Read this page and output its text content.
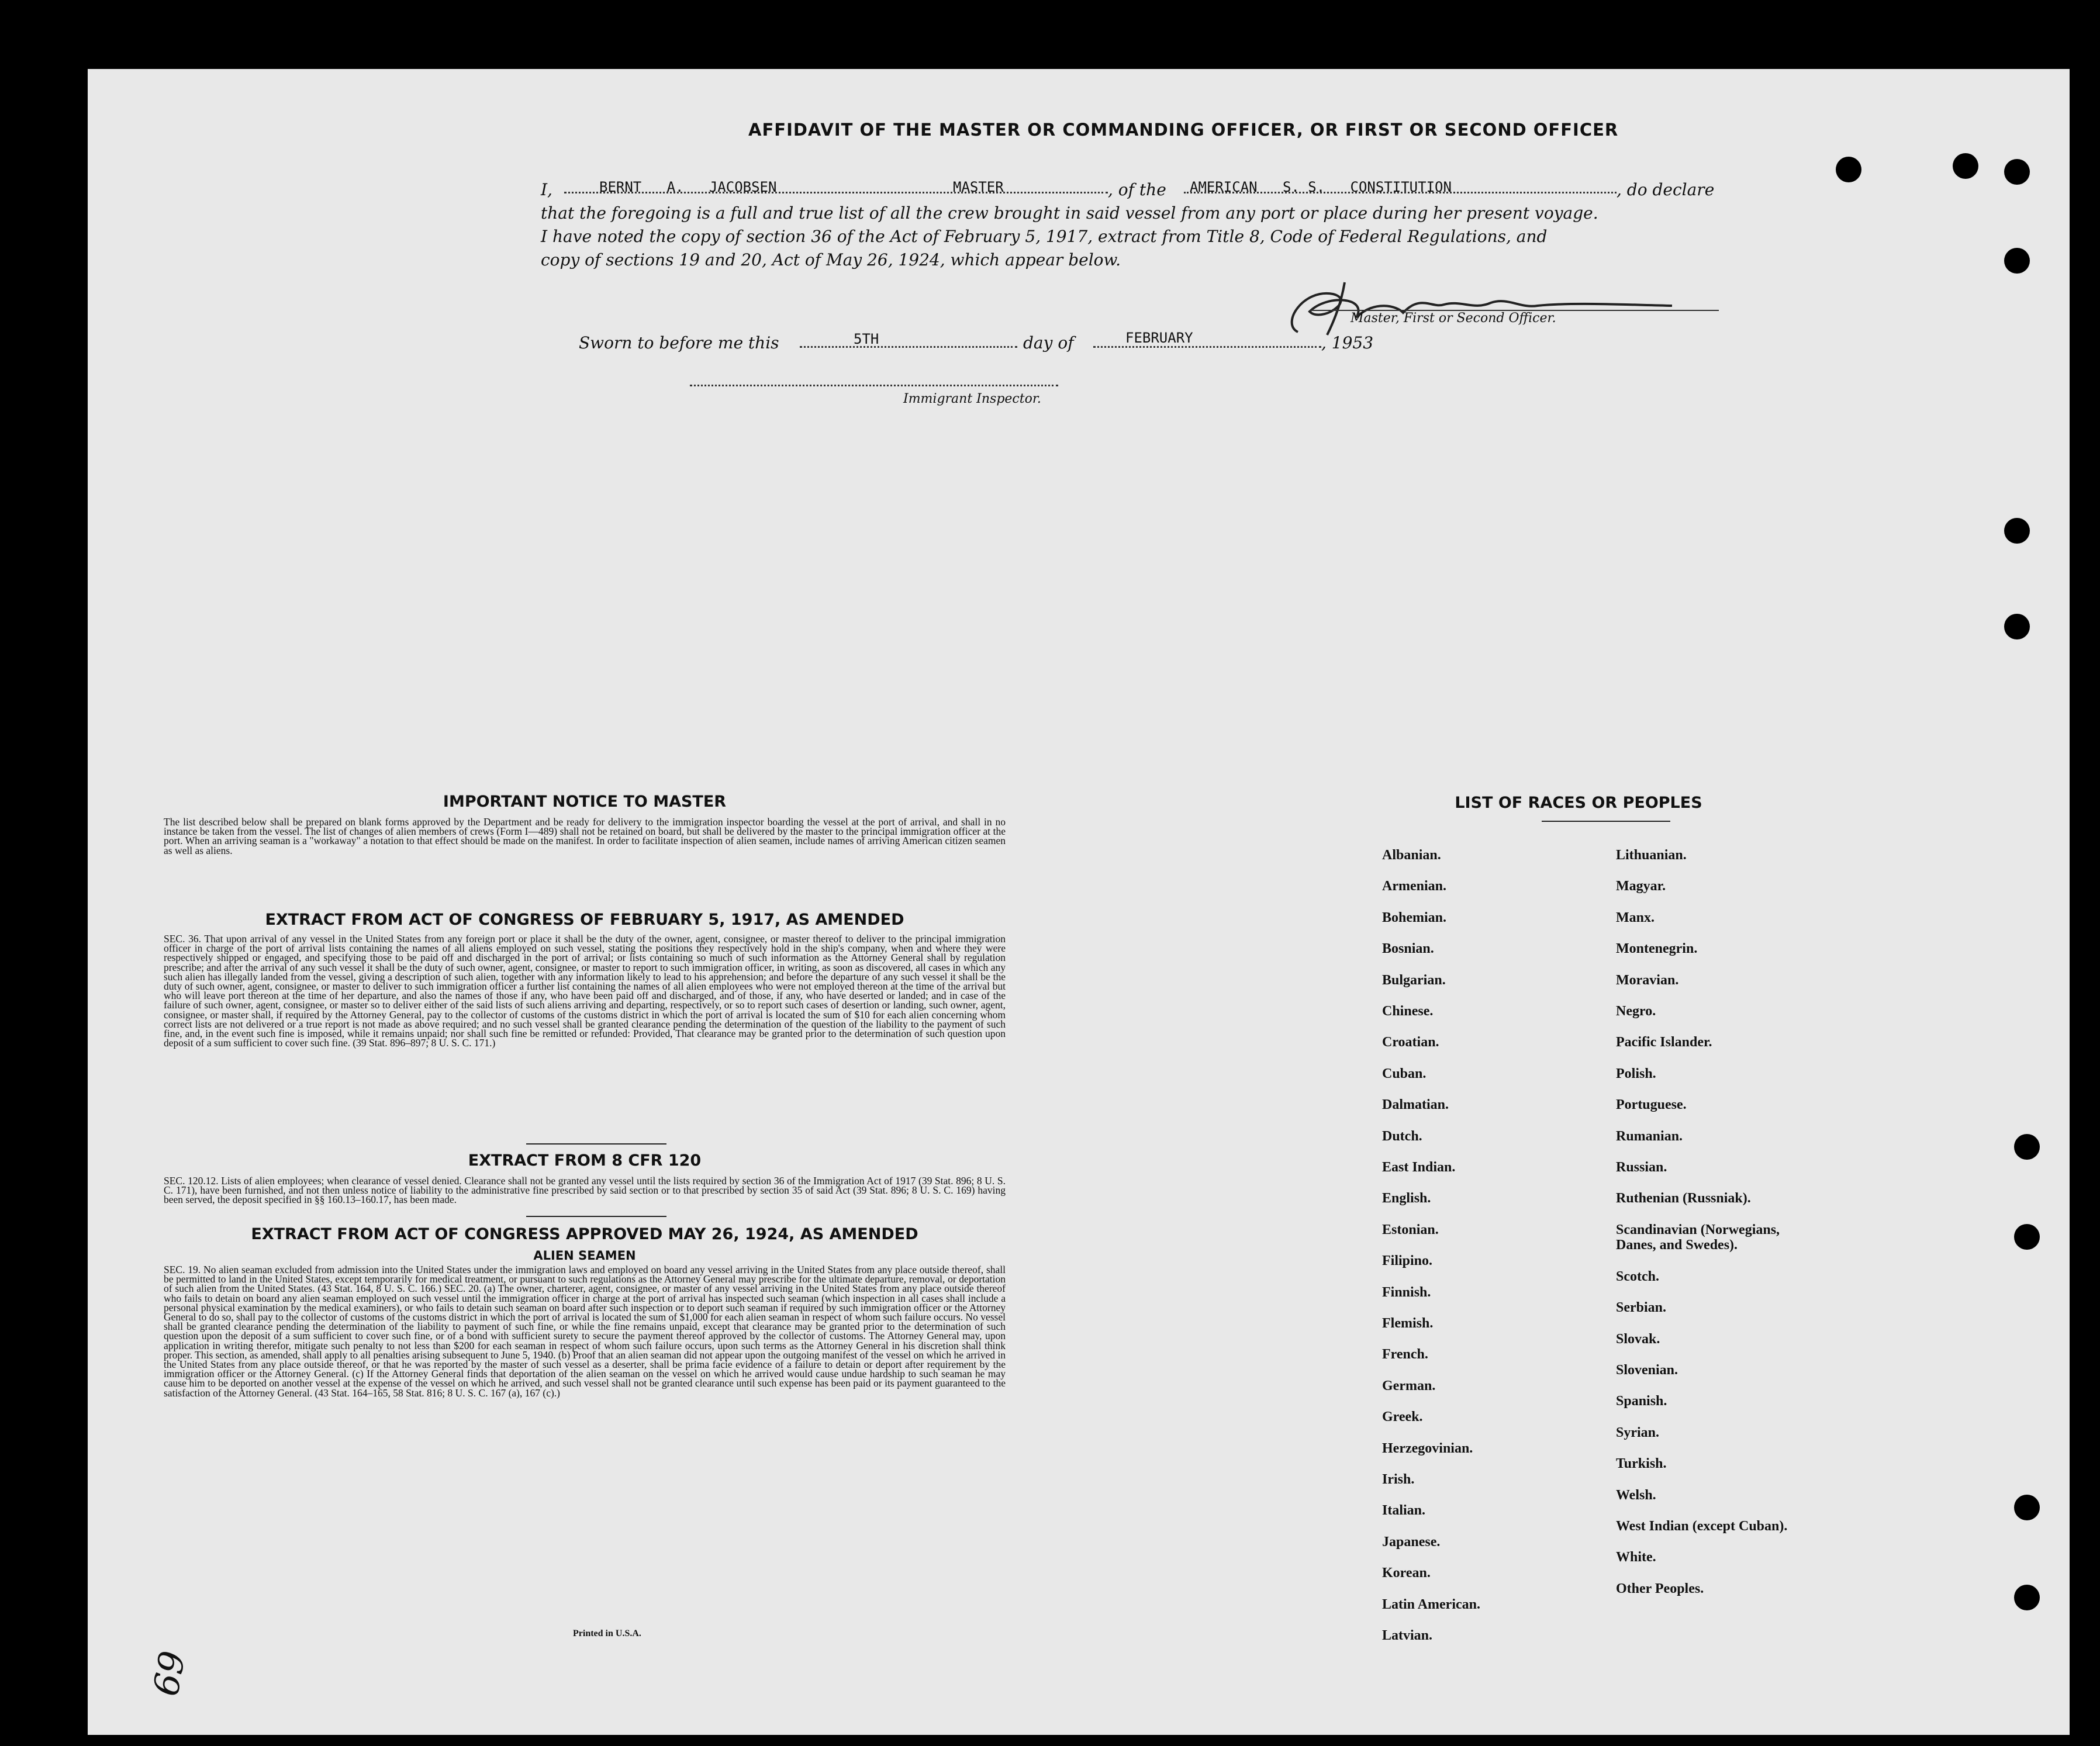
AFFIDAVIT OF THE MASTER OR COMMANDING OFFICER, OR FIRST OR SECOND OFFICER
I,	BERNT   A.   JACOBSEN	MASTER	, of the AMERICAN   S. S.   CONSTITUTION	, do declare
that the foregoing is a full and true list of all the crew brought in said vessel from any port or place during her present voyage.
I have noted the copy of section 36 of the Act of February 5, 1917, extract from Title 8, Code of Federal Regulations, and
copy of sections 19 and 20, Act of May 26, 1924, which appear below.
Master, First or Second Officer.
Sworn to before me this	5TH	day of	FEBRUARY	, 1953
Immigrant Inspector.
IMPORTANT NOTICE TO MASTER
The list described below shall be prepared on blank forms approved by the Department and be ready for delivery to the immigration inspector boarding the vessel at the port of arrival, and shall in no instance be taken from the vessel. The list of changes of alien members of crews (Form I—489) shall not be retained on board, but shall be delivered by the master to the principal immigration officer at the port. When an arriving seaman is a "workaway" a notation to that effect should be made on the manifest. In order to facilitate inspection of alien seamen, include names of arriving American citizen seamen as well as aliens.
EXTRACT FROM ACT OF CONGRESS OF FEBRUARY 5, 1917, AS AMENDED
SEC. 36. That upon arrival of any vessel in the United States from any foreign port or place it shall be the duty of the owner, agent, consignee, or master thereof to deliver to the principal immigration officer in charge of the port of arrival lists containing the names of all aliens employed on such vessel, stating the positions they respectively hold in the ship's company, when and where they were respectively shipped or engaged, and specifying those to be paid off and discharged in the port of arrival; or lists containing so much of such information as the Attorney General shall by regulation prescribe; and after the arrival of any such vessel it shall be the duty of such owner, agent, consignee, or master to report to such immigration officer, in writing, as soon as discovered, all cases in which any such alien has illegally landed from the vessel, giving a description of such alien, together with any information likely to lead to his apprehension; and before the departure of any such vessel it shall be the duty of such owner, agent, consignee, or master to deliver to such immigration officer a further list containing the names of all alien employees who were not employed thereon at the time of the arrival but who will leave port thereon at the time of her departure, and also the names of those if any, who have been paid off and discharged, and of those, if any, who have deserted or landed; and in case of the failure of such owner, agent, consignee, or master so to deliver either of the said lists of such aliens arriving and departing, respectively, or so to report such cases of desertion or landing, such owner, agent, consignee, or master shall, if required by the Attorney General, pay to the collector of customs of the customs district in which the port of arrival is located the sum of $10 for each alien concerning whom correct lists are not delivered or a true report is not made as above required; and no such vessel shall be granted clearance pending the determination of the question of the liability to the payment of such fine, and, in the event such fine is imposed, while it remains unpaid; nor shall such fine be remitted or refunded: Provided, That clearance may be granted prior to the determination of such question upon deposit of a sum sufficient to cover such fine. (39 Stat. 896–897; 8 U. S. C. 171.)
EXTRACT FROM 8 CFR 120
SEC. 120.12. Lists of alien employees; when clearance of vessel denied. Clearance shall not be granted any vessel until the lists required by section 36 of the Immigration Act of 1917 (39 Stat. 896; 8 U. S. C. 171), have been furnished, and not then unless notice of liability to the administrative fine prescribed by said section or to that prescribed by section 35 of said Act (39 Stat. 896; 8 U. S. C. 169) having been served, the deposit specified in §§ 160.13–160.17, has been made.
EXTRACT FROM ACT OF CONGRESS APPROVED MAY 26, 1924, AS AMENDED
ALIEN SEAMEN
SEC. 19. No alien seaman excluded from admission into the United States under the immigration laws and employed on board any vessel arriving in the United States from any place outside thereof, shall be permitted to land in the United States, except temporarily for medical treatment, or pursuant to such regulations as the Attorney General may prescribe for the ultimate departure, removal, or deportation of such alien from the United States. (43 Stat. 164, 8 U. S. C. 166.) SEC. 20. (a) The owner, charterer, agent, consignee, or master of any vessel arriving in the United States from any place outside thereof who fails to detain on board any alien seaman employed on such vessel until the immigration officer in charge at the port of arrival has inspected such seaman (which inspection in all cases shall include a personal physical examination by the medical examiners), or who fails to detain such seaman on board after such inspection or to deport such seaman if required by such immigration officer or the Attorney General to do so, shall pay to the collector of customs of the customs district in which the port of arrival is located the sum of $1,000 for each alien seaman in respect of whom such failure occurs. No vessel shall be granted clearance pending the determination of the liability to payment of such fine, or while the fine remains unpaid, except that clearance may be granted prior to the determination of such question upon the deposit of a sum sufficient to cover such fine, or of a bond with sufficient surety to secure the payment thereof approved by the collector of customs. The Attorney General may, upon application in writing therefor, mitigate such penalty to not less than $200 for each seaman in respect of whom such failure occurs, upon such terms as the Attorney General in his discretion shall think proper. This section, as amended, shall apply to all penalties arising subsequent to June 5, 1940. (b) Proof that an alien seaman did not appear upon the outgoing manifest of the vessel on which he arrived in the United States from any place outside thereof, or that he was reported by the master of such vessel as a deserter, shall be prima facie evidence of a failure to detain or deport after requirement by the immigration officer or the Attorney General. (c) If the Attorney General finds that deportation of the alien seaman on the vessel on which he arrived would cause undue hardship to such seaman he may cause him to be deported on another vessel at the expense of the vessel on which he arrived, and such vessel shall not be granted clearance until such expense has been paid or its payment guaranteed to the satisfaction of the Attorney General. (43 Stat. 164–165, 58 Stat. 816; 8 U. S. C. 167 (a), 167 (c).)
Printed in U.S.A.
LIST OF RACES OR PEOPLES
Albanian.
Armenian.
Bohemian.
Bosnian.
Bulgarian.
Chinese.
Croatian.
Cuban.
Dalmatian.
Dutch.
East Indian.
English.
Estonian.
Filipino.
Finnish.
Flemish.
French.
German.
Greek.
Herzegovinian.
Irish.
Italian.
Japanese.
Korean.
Latin American.
Latvian.
Lithuanian.
Magyar.
Manx.
Montenegrin.
Moravian.
Negro.
Pacific Islander.
Polish.
Portuguese.
Rumanian.
Russian.
Ruthenian (Russniak).
Scandinavian (Norwegians, Danes, and Swedes).
Scotch.
Serbian.
Slovak.
Slovenian.
Spanish.
Syrian.
Turkish.
Welsh.
West Indian (except Cuban).
White.
Other Peoples.
69
